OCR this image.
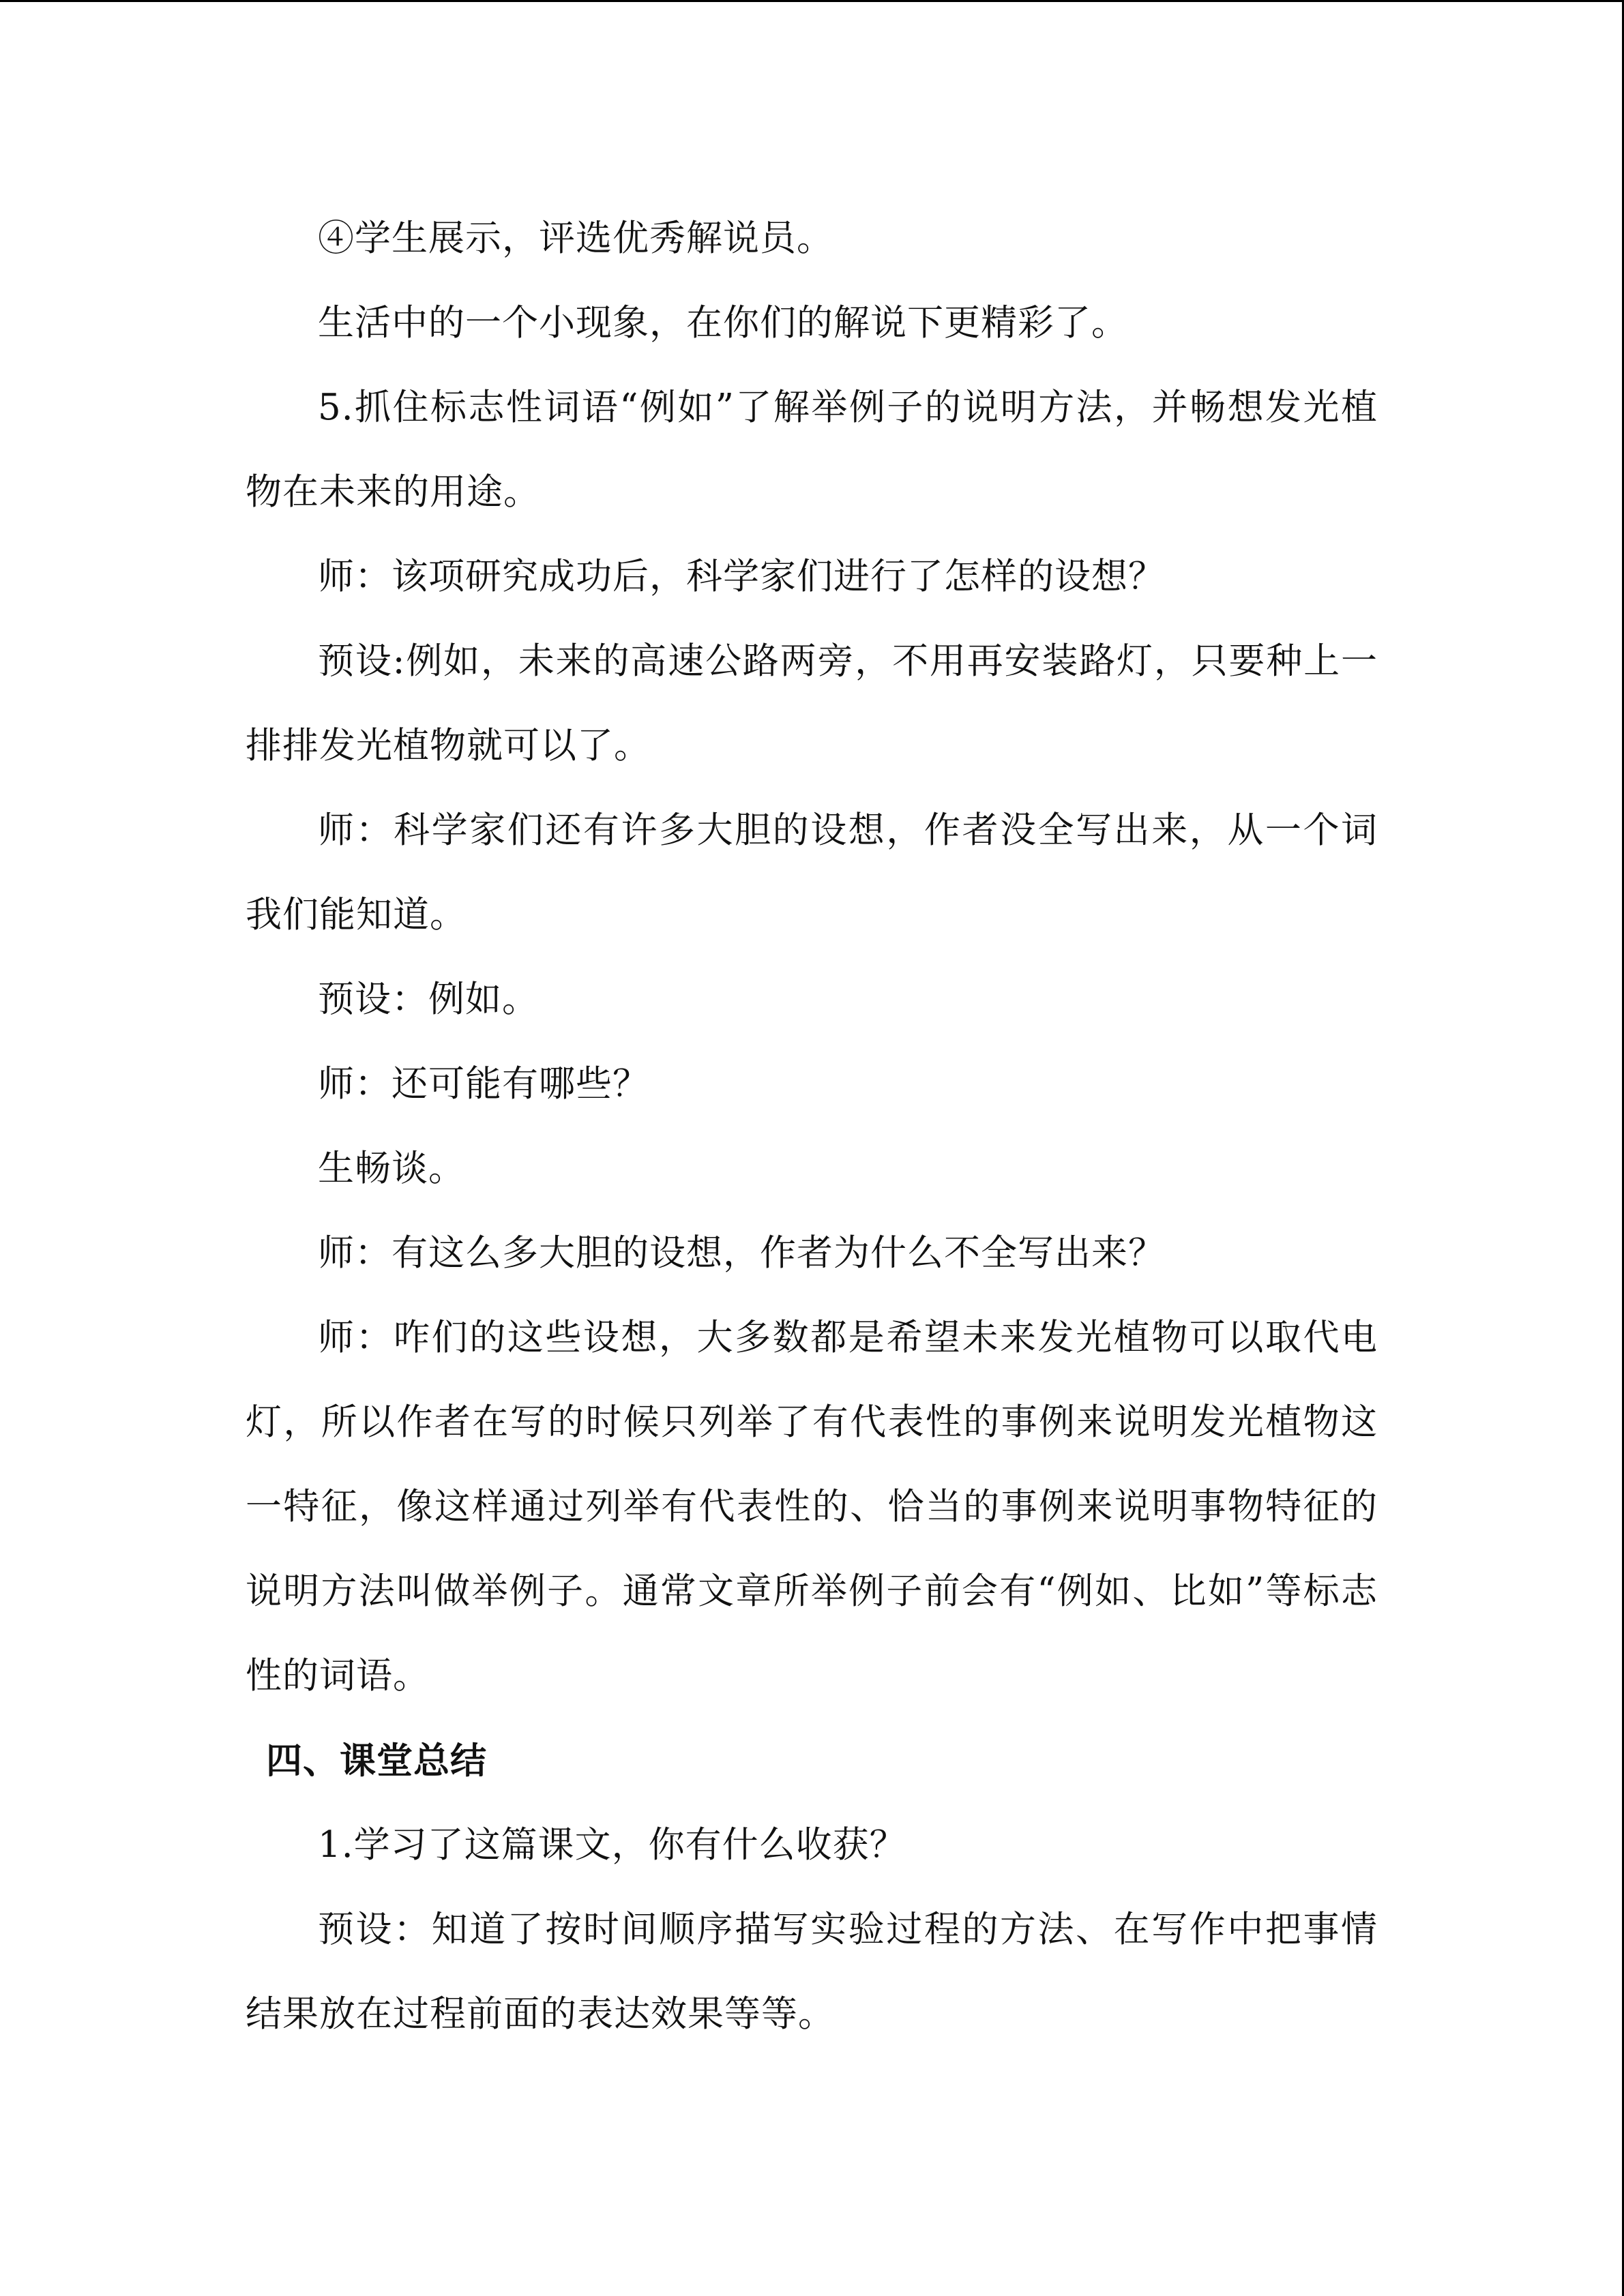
④学生展示，评选优秀解说员。

生活中的一个小现象，在你们的解说下更精彩了。

5.抓住标志性词语“例如”了解举例子的说明方法，并畅想发光植物在未来的用途。

师：该项研究成功后，科学家们进行了怎样的设想？

预设:例如，未来的高速公路两旁，不用再安装路灯，只要种上一排排发光植物就可以了。

师：科学家们还有许多大胆的设想，作者没全写出来，从一个词我们能知道。

预设：例如。

师：还可能有哪些？

生畅谈。

师：有这么多大胆的设想，作者为什么不全写出来？

师：咋们的这些设想，大多数都是希望未来发光植物可以取代电灯，所以作者在写的时候只列举了有代表性的事例来说明发光植物这一特征，像这样通过列举有代表性的、恰当的事例来说明事物特征的说明方法叫做举例子。通常文章所举例子前会有“例如、比如”等标志性的词语。

四、课堂总结

1.学习了这篇课文，你有什么收获？

预设：知道了按时间顺序描写实验过程的方法、在写作中把事情结果放在过程前面的表达效果等等。
